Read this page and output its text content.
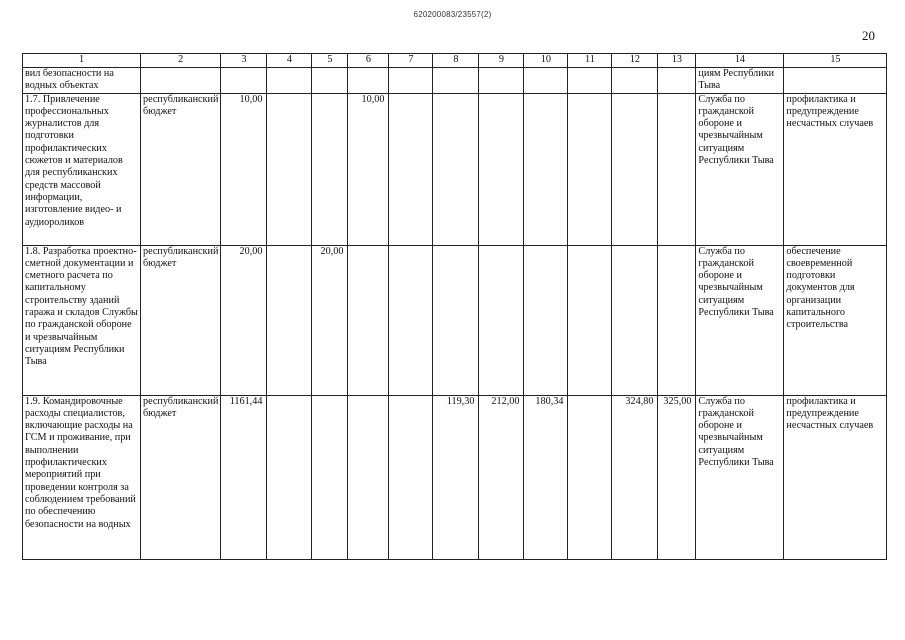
620200083/23557(2)
20
1	2	3	4	5	6	7	8	9	10	11	12	13	14	15
вил безопасности на водных объектах													циям Республики Тыва	
1.7. Привлечение профессиональных журналистов для подготовки профилактических сюжетов и материалов для республиканских средств массовой информации, изготовление видео- и аудиороликов	республиканский бюджет	10,00			10,00								Служба по гражданской обороне и чрезвычайным ситуациям Республики Тыва	профилактика и предупреждение несчастных случаев
1.8. Разработка проектно-сметной документации и сметного расчета по капитальному строительству зданий гаража и складов Службы по гражданской обороне и чрезвычайным ситуациям Республики Тыва	республиканский бюджет	20,00		20,00									Служба по гражданской обороне и чрезвычайным ситуациям Республики Тыва	обеспечение своевременной подготовки документов для организации капитального строительства
1.9. Командировочные расходы специалистов, включающие расходы на ГСМ и проживание, при выполнении профилактических мероприятий при проведении контроля за соблюдением требований по обеспечению безопасности на водных	республиканский бюджет	1161,44					119,30	212,00	180,34		324,80	325,00	Служба по гражданской обороне и чрезвычайным ситуациям Республики Тыва	профилактика и предупреждение несчастных случаев
